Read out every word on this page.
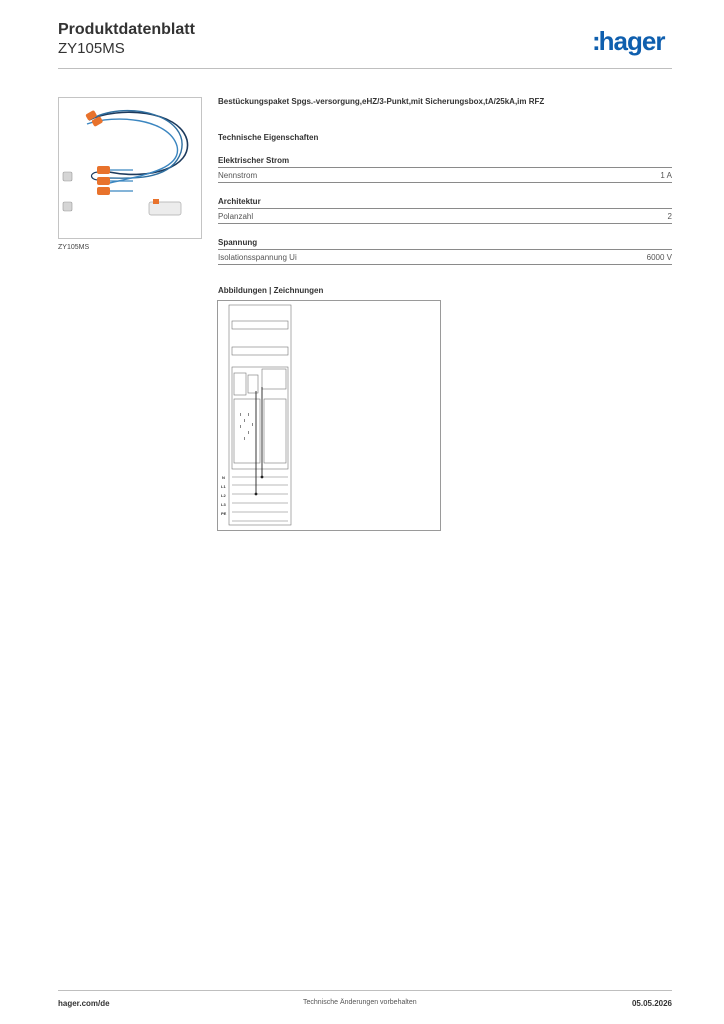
Produktdatenblatt
ZY105MS	:hager
ZY105MS

Bestückungspaket Spgs.-versorgung,eHZ/3-Punkt,mit Sicherungsbox,tA/25kA,im RFZ

Technische Eigenschaften
Elektrischer Strom
Nennstrom	1 A
Architektur
Polanzahl	2
Spannung
Isolationsspannung Ui	6000 V
Abbildungen | Zeichnungen
N
L1
L2
L3
PE
hager.com/de	Technische Änderungen vorbehalten	05.05.2026
